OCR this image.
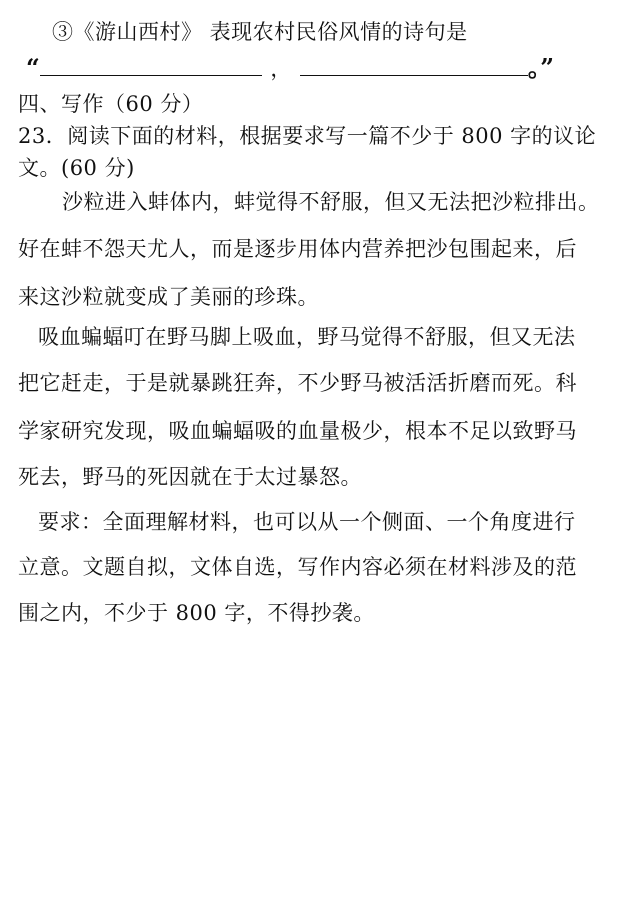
③《游山西村》 表现农村民俗风情的诗句是
“	，	。”
四、写作（60 分）
23．阅读下面的材料，根据要求写一篇不少于 800 字的议论
文。(60 分)
沙粒进入蚌体内，蚌觉得不舒服，但又无法把沙粒排出。
好在蚌不怨天尤人，而是逐步用体内营养把沙包围起来，后
来这沙粒就变成了美丽的珍珠。
吸血蝙蝠叮在野马脚上吸血，野马觉得不舒服，但又无法
把它赶走，于是就暴跳狂奔，不少野马被活活折磨而死。科
学家研究发现，吸血蝙蝠吸的血量极少，根本不足以致野马
死去，野马的死因就在于太过暴怒。
要求：全面理解材料，也可以从一个侧面、一个角度进行
立意。文题自拟，文体自选，写作内容必须在材料涉及的范
围之内，不少于 800 字，不得抄袭。
